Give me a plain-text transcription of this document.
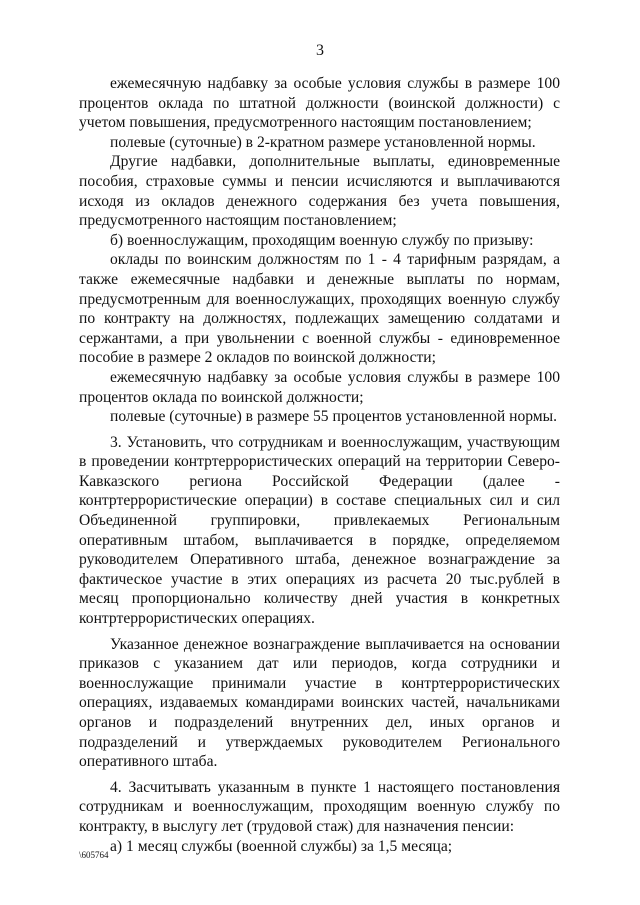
3

ежемесячную надбавку за особые условия службы в размере 100 процентов оклада по штатной должности (воинской должности) с учетом повышения, предусмотренного настоящим постановлением;

полевые (суточные) в 2-кратном размере установленной нормы.

Другие надбавки, дополнительные выплаты, единовременные пособия, страховые суммы и пенсии исчисляются и выплачиваются исходя из окладов денежного содержания без учета повышения, предусмотренного настоящим постановлением;

б) военнослужащим, проходящим военную службу по призыву:

оклады по воинским должностям по 1 - 4 тарифным разрядам, а также ежемесячные надбавки и денежные выплаты по нормам, предусмотренным для военнослужащих, проходящих военную службу по контракту на должностях, подлежащих замещению солдатами и сержантами, а при увольнении с военной службы - единовременное пособие в размере 2 окладов по воинской должности;

ежемесячную надбавку за особые условия службы в размере 100 процентов оклада по воинской должности;

полевые (суточные) в размере 55 процентов установленной нормы.

3. Установить, что сотрудникам и военнослужащим, участвующим в проведении контртеррористических операций на территории Северо-Кавказского региона Российской Федерации (далее - контртеррористические операции) в составе специальных сил и сил Объединенной группировки, привлекаемых Региональным оперативным штабом, выплачивается в порядке, определяемом руководителем Оперативного штаба, денежное вознаграждение за фактическое участие в этих операциях из расчета 20 тыс.рублей в месяц пропорционально количеству дней участия в конкретных контртеррористических операциях.

Указанное денежное вознаграждение выплачивается на основании приказов с указанием дат или периодов, когда сотрудники и военнослужащие принимали участие в контртеррористических операциях, издаваемых командирами воинских частей, начальниками органов и подразделений внутренних дел, иных органов и подразделений и утверждаемых руководителем Регионального оперативного штаба.

4. Засчитывать указанным в пункте 1 настоящего постановления сотрудникам и военнослужащим, проходящим военную службу по контракту, в выслугу лет (трудовой стаж) для назначения пенсии:

а) 1 месяц службы (военной службы) за 1,5 месяца;

\605764
